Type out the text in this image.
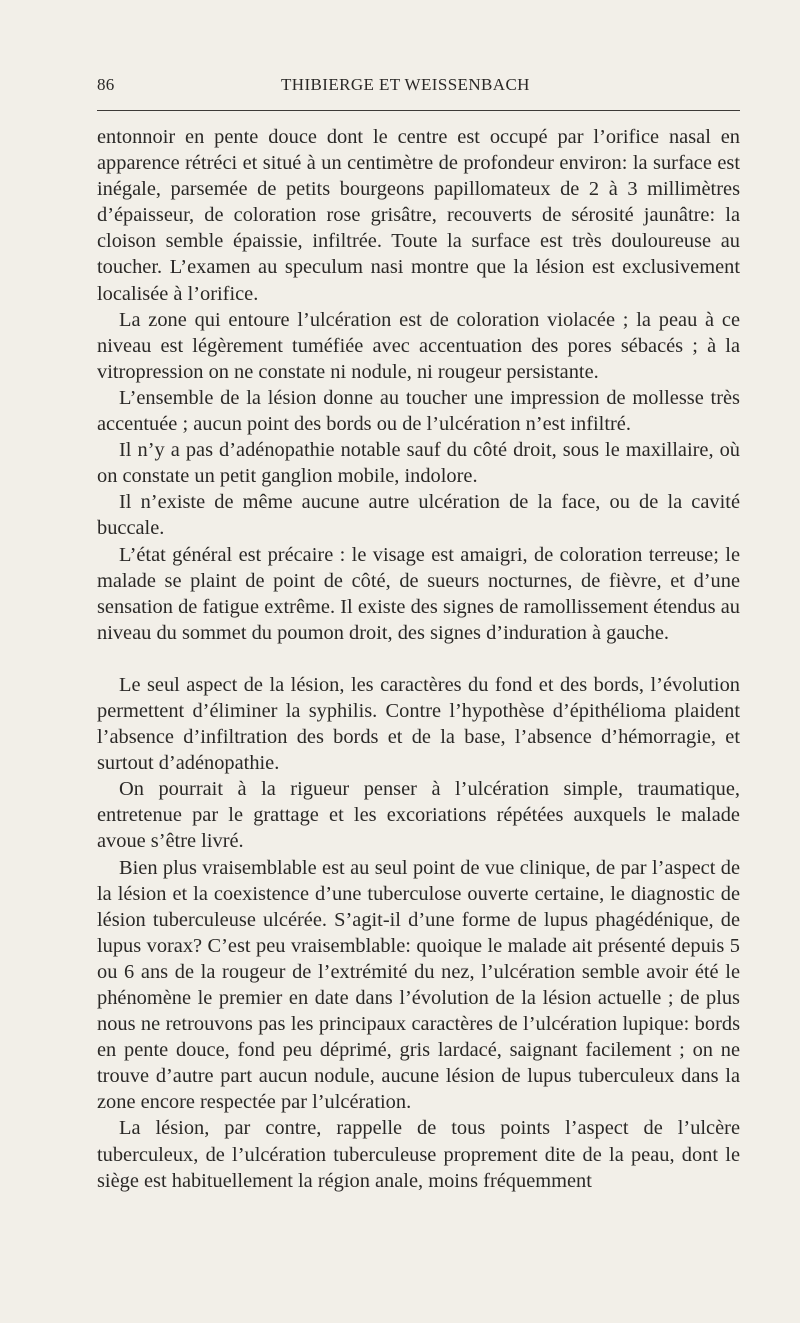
86	THIBIERGE ET WEISSENBACH

entonnoir en pente douce dont le centre est occupé par l’orifice nasal en apparence rétréci et situé à un centimètre de profondeur environ: la surface est inégale, parsemée de petits bourgeons papillomateux de 2 à 3 millimètres d’épaisseur, de coloration rose grisâtre, recouverts de sérosité jaunâtre: la cloison semble épaissie, infiltrée. Toute la surface est très douloureuse au toucher. L’examen au speculum nasi montre que la lésion est exclusivement localisée à l’orifice.

La zone qui entoure l’ulcération est de coloration violacée ; la peau à ce niveau est légèrement tuméfiée avec accentuation des pores sébacés ; à la vitropression on ne constate ni nodule, ni rougeur persistante.

L’ensemble de la lésion donne au toucher une impression de mollesse très accentuée ; aucun point des bords ou de l’ulcération n’est infiltré.

Il n’y a pas d’adénopathie notable sauf du côté droit, sous le maxillaire, où on constate un petit ganglion mobile, indolore.

Il n’existe de même aucune autre ulcération de la face, ou de la cavité buccale.

L’état général est précaire : le visage est amaigri, de coloration terreuse; le malade se plaint de point de côté, de sueurs nocturnes, de fièvre, et d’une sensation de fatigue extrême. Il existe des signes de ramollissement étendus au niveau du sommet du poumon droit, des signes d’induration à gauche.

Le seul aspect de la lésion, les caractères du fond et des bords, l’évolution permettent d’éliminer la syphilis. Contre l’hypothèse d’épithélioma plaident l’absence d’infiltration des bords et de la base, l’absence d’hémorragie, et surtout d’adénopathie.

On pourrait à la rigueur penser à l’ulcération simple, traumatique, entretenue par le grattage et les excoriations répétées auxquels le malade avoue s’être livré.

Bien plus vraisemblable est au seul point de vue clinique, de par l’aspect de la lésion et la coexistence d’une tuberculose ouverte certaine, le diagnostic de lésion tuberculeuse ulcérée. S’agit-il d’une forme de lupus phagédénique, de lupus vorax? C’est peu vraisemblable: quoique le malade ait présenté depuis 5 ou 6 ans de la rougeur de l’extrémité du nez, l’ulcération semble avoir été le phénomène le premier en date dans l’évolution de la lésion actuelle ; de plus nous ne retrouvons pas les principaux caractères de l’ulcération lupique: bords en pente douce, fond peu déprimé, gris lardacé, saignant facilement ; on ne trouve d’autre part aucun nodule, aucune lésion de lupus tuberculeux dans la zone encore respectée par l’ulcération.

La lésion, par contre, rappelle de tous points l’aspect de l’ulcère tuberculeux, de l’ulcération tuberculeuse proprement dite de la peau, dont le siège est habituellement la région anale, moins fréquemment
